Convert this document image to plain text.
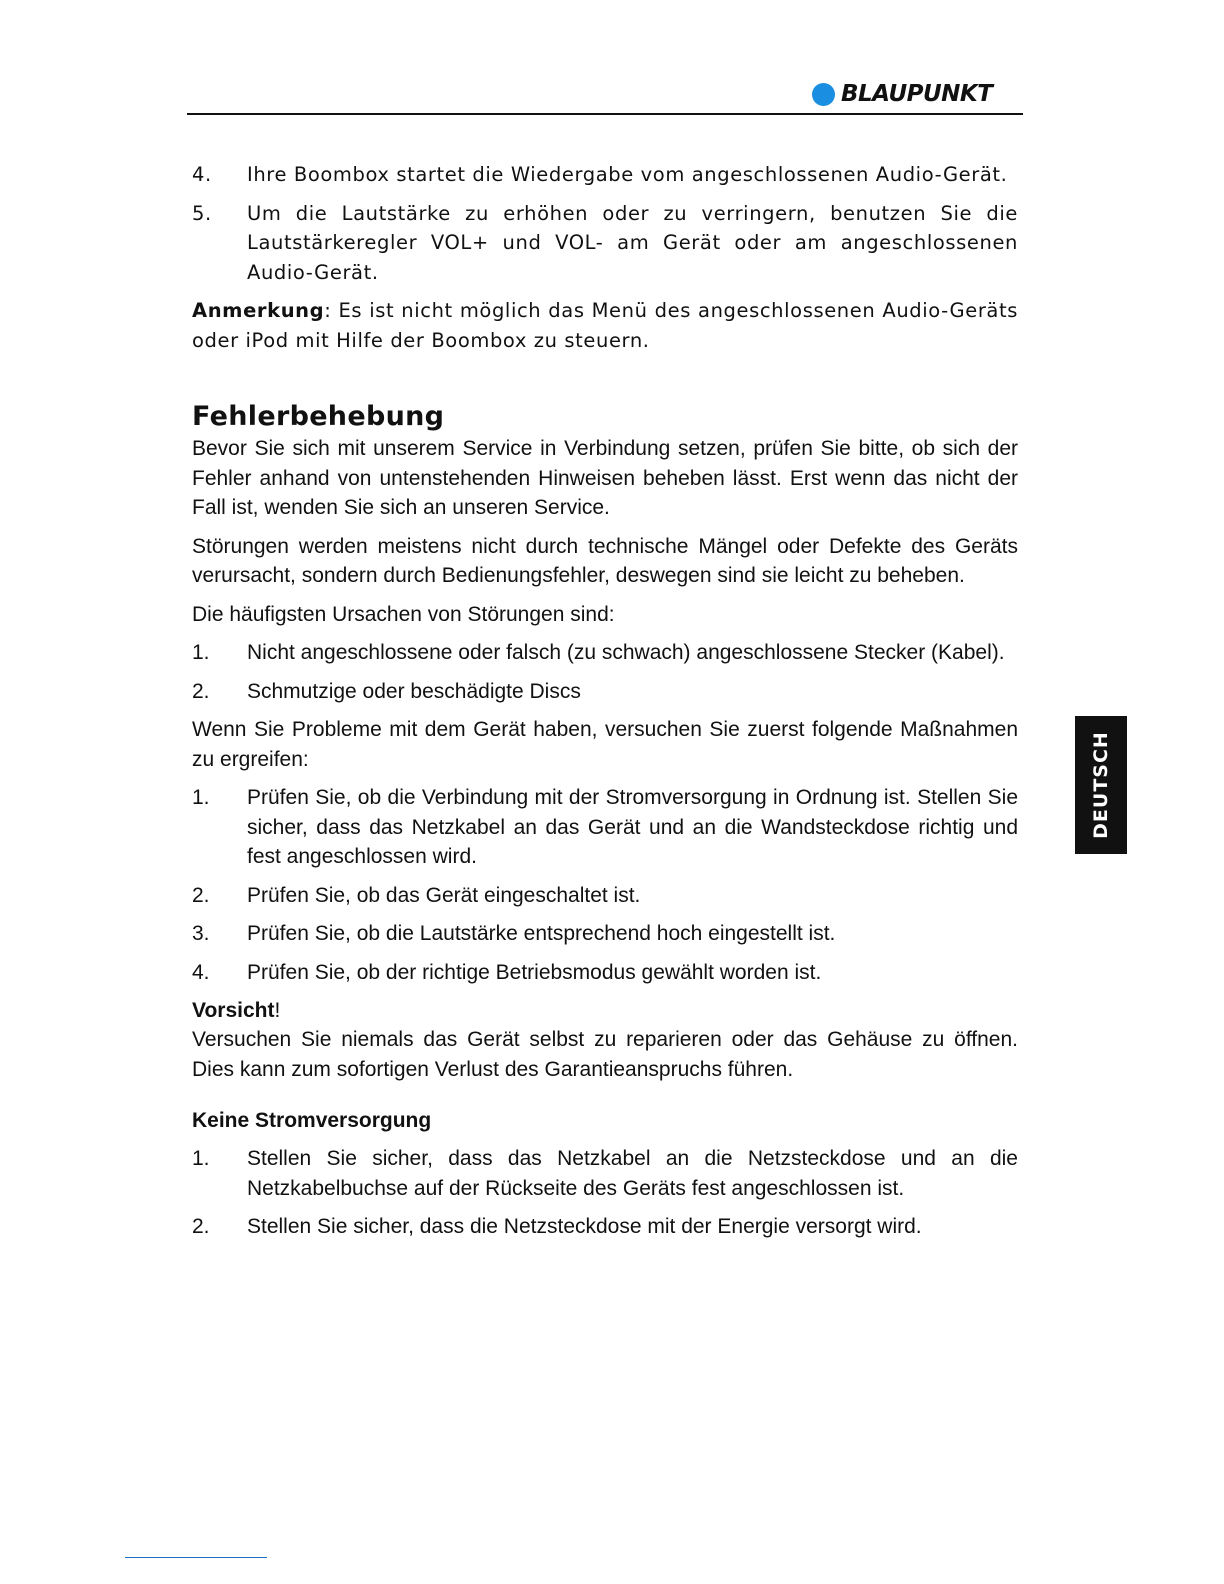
BLAUPUNKT
DEUTSCH
4.	Ihre Boombox startet die Wiedergabe vom angeschlossenen Audio-Gerät.
5.	Um die Lautstärke zu erhöhen oder zu verringern, benutzen Sie die Lautstärkeregler VOL+ und VOL- am Gerät oder am angeschlossenen Audio-Gerät.

Anmerkung: Es ist nicht möglich das Menü des angeschlossenen Audio-Geräts oder iPod mit Hilfe der Boombox zu steuern.

Fehlerbehebung

Bevor Sie sich mit unserem Service in Verbindung setzen, prüfen Sie bitte, ob sich der Fehler anhand von untenstehenden Hinweisen beheben lässt. Erst wenn das nicht der Fall ist, wenden Sie sich an unseren Service.

Störungen werden meistens nicht durch technische Mängel oder Defekte des Geräts verursacht, sondern durch Bedienungsfehler, deswegen sind sie leicht zu beheben.

Die häufigsten Ursachen von Störungen sind:

1.	Nicht angeschlossene oder falsch (zu schwach) angeschlossene Stecker (Kabel).
2.	Schmutzige oder beschädigte Discs

Wenn Sie Probleme mit dem Gerät haben, versuchen Sie zuerst folgende Maßnahmen zu ergreifen:

1.	Prüfen Sie, ob die Verbindung mit der Stromversorgung in Ordnung ist. Stellen Sie sicher, dass das Netzkabel an das Gerät und an die Wandsteckdose richtig und fest angeschlossen wird.
2.	Prüfen Sie, ob das Gerät eingeschaltet ist.
3.	Prüfen Sie, ob die Lautstärke entsprechend hoch eingestellt ist.
4.	Prüfen Sie, ob der richtige Betriebsmodus gewählt worden ist.
Vorsicht!

Versuchen Sie niemals das Gerät selbst zu reparieren oder das Gehäuse zu öffnen. Dies kann zum sofortigen Verlust des Garantieanspruchs führen.

Keine Stromversorgung
1.	Stellen Sie sicher, dass das Netzkabel an die Netzsteckdose und an die Netzkabelbuchse auf der Rückseite des Geräts fest angeschlossen ist.
2.	Stellen Sie sicher, dass die Netzsteckdose mit der Energie versorgt wird.
